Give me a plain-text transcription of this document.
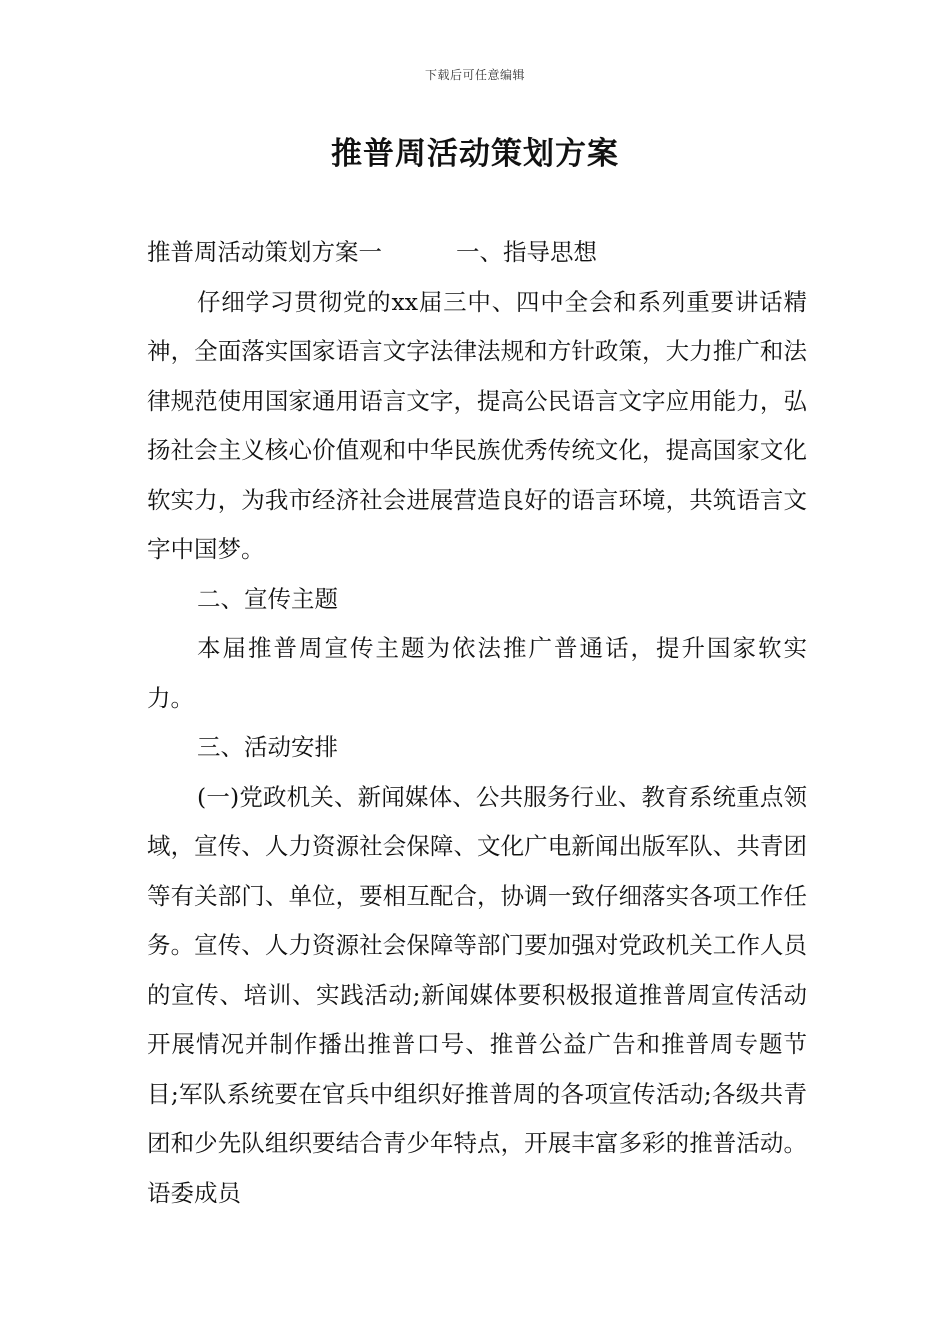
下载后可任意编辑
推普周活动策划方案

推普周活动策划方案一	一、指导思想

仔细学习贯彻党的xx届三中、四中全会和系列重要讲话精神，全面落实国家语言文字法律法规和方针政策，大力推广和法律规范使用国家通用语言文字，提高公民语言文字应用能力，弘扬社会主义核心价值观和中华民族优秀传统文化，提高国家文化软实力，为我市经济社会进展营造良好的语言环境，共筑语言文字中国梦。

二、宣传主题

本届推普周宣传主题为依法推广普通话，提升国家软实力。

三、活动安排

(一)党政机关、新闻媒体、公共服务行业、教育系统重点领域，宣传、人力资源社会保障、文化广电新闻出版军队、共青团等有关部门、单位，要相互配合，协调一致仔细落实各项工作任务。宣传、人力资源社会保障等部门要加强对党政机关工作人员的宣传、培训、实践活动;新闻媒体要积极报道推普周宣传活动开展情况并制作播出推普口号、推普公益广告和推普周专题节目;军队系统要在官兵中组织好推普周的各项宣传活动;各级共青团和少先队组织要结合青少年特点，开展丰富多彩的推普活动。语委成员
